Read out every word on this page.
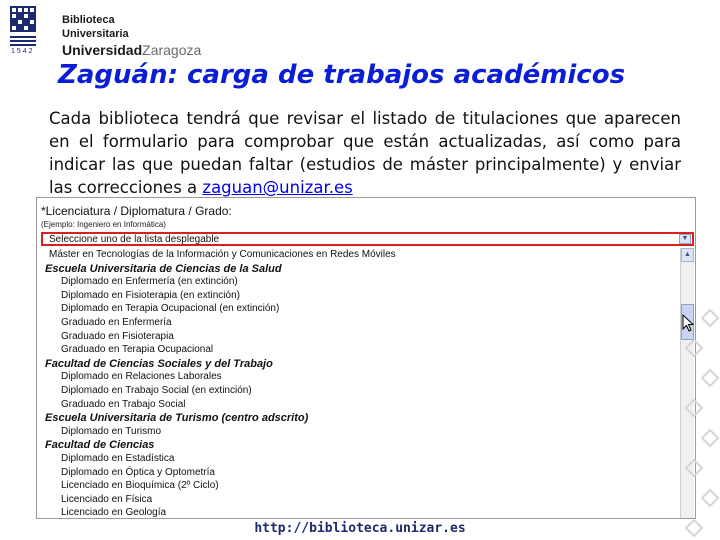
1542
Biblioteca
Universitaria
UniversidadZaragoza
Zaguán: carga de trabajos académicos

Cada biblioteca tendrá que revisar el listado de titulaciones que aparecen en el formulario para comprobar que están actualizadas, así como para indicar las que puedan faltar (estudios de máster principalmente) y enviar las correcciones a zaguan@unizar.es

*Licenciatura / Diplomatura / Grado:
(Ejemplo: Ingeniero en Informática)
Seleccione uno de la lista desplegable	▼
Máster en Tecnologías de la Información y Comunicaciones en Redes Móviles
Escuela Universitaria de Ciencias de la Salud
Diplomado en Enfermería (en extinción)
Diplomado en Fisioterapia (en extinción)
Diplomado en Terapia Ocupacional (en extinción)
Graduado en Enfermería
Graduado en Fisioterapia
Graduado en Terapia Ocupacional
Facultad de Ciencias Sociales y del Trabajo
Diplomado en Relaciones Laborales
Diplomado en Trabajo Social (en extinción)
Graduado en Trabajo Social
Escuela Universitaria de Turismo (centro adscrito)
Diplomado en Turismo
Facultad de Ciencias
Diplomado en Estadística
Diplomado en Óptica y Optometría
Licenciado en Bioquímica (2º Ciclo)
Licenciado en Física
Licenciado en Geología
▲
http://biblioteca.unizar.es
